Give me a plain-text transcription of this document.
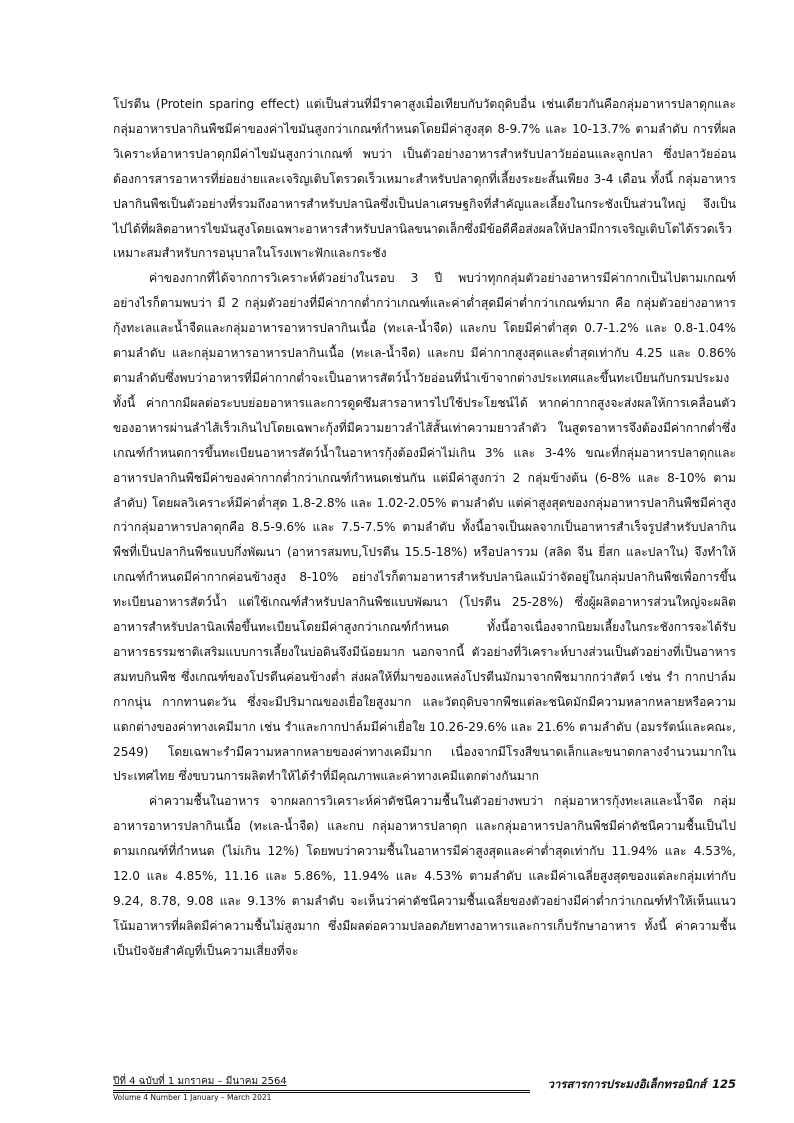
โปรตีน (Protein sparing effect) แต่เป็นส่วนที่มีราคาสูงเมื่อเทียบกับวัตถุดิบอื่น เช่นเดียวกันคือกลุ่มอาหารปลาดุกและกลุ่มอาหารปลากินพืชมีค่าของค่าไขมันสูงกว่าเกณฑ์กำหนดโดยมีค่าสูงสุด 8-9.7% และ 10-13.7% ตามลำดับ การที่ผลวิเคราะห์อาหารปลาดุกมีค่าไขมันสูงกว่าเกณฑ์ พบว่า เป็นตัวอย่างอาหารสำหรับปลาวัยอ่อนและลูกปลา ซึ่งปลาวัยอ่อนต้องการสารอาหารที่ย่อยง่ายและเจริญเติบโตรวดเร็วเหมาะสำหรับปลาดุกที่เลี้ยงระยะสั้นเพียง 3-4 เดือน ทั้งนี้ กลุ่มอาหารปลากินพืชเป็นตัวอย่างที่รวมถึงอาหารสำหรับปลานิลซึ่งเป็นปลาเศรษฐกิจที่สำคัญและเลี้ยงในกระชังเป็นส่วนใหญ่ จึงเป็นไปได้ที่ผลิตอาหารไขมันสูงโดยเฉพาะอาหารสำหรับปลานิลขนาดเล็กซึ่งมีข้อดีคือส่งผลให้ปลามีการเจริญเติบโตได้รวดเร็ว เหมาะสมสำหรับการอนุบาลในโรงเพาะฟักและกระชัง

ค่าของกากที่ได้จากการวิเคราะห์ตัวอย่างในรอบ 3 ปี พบว่าทุกกลุ่มตัวอย่างอาหารมีค่ากากเป็นไปตามเกณฑ์ อย่างไรก็ตามพบว่า มี 2 กลุ่มตัวอย่างที่มีค่ากากต่ำกว่าเกณฑ์และค่าต่ำสุดมีค่าต่ำกว่าเกณฑ์มาก คือ กลุ่มตัวอย่างอาหารกุ้งทะเลและน้ำจืดและกลุ่มอาหารอาหารปลากินเนื้อ (ทะเล-น้ำจืด) และกบ โดยมีค่าต่ำสุด 0.7-1.2% และ 0.8-1.04% ตามลำดับ และกลุ่มอาหารอาหารปลากินเนื้อ (ทะเล-น้ำจืด) และกบ มีค่ากากสูงสุดและต่ำสุดเท่ากับ 4.25 และ 0.86% ตามลำดับซึ่งพบว่าอาหารที่มีค่ากากต่ำจะเป็นอาหารสัตว์น้ำวัยอ่อนที่นำเข้าจากต่างประเทศและขึ้นทะเบียนกับกรมประมง ทั้งนี้ ค่ากากมีผลต่อระบบย่อยอาหารและการดูดซึมสารอาหารไปใช้ประโยชน์ได้ หากค่ากากสูงจะส่งผลให้การเคลื่อนตัวของอาหารผ่านลำไส้เร็วเกินไปโดยเฉพาะกุ้งที่มีความยาวลำไส้สั้นเท่าความยาวลำตัว ในสูตรอาหารจึงต้องมีค่ากากต่ำซึ่งเกณฑ์กำหนดการขึ้นทะเบียนอาหารสัตว์น้ำในอาหารกุ้งต้องมีค่าไม่เกิน 3% และ 3-4% ขณะที่กลุ่มอาหารปลาดุกและอาหารปลากินพืชมีค่าของค่ากากต่ำกว่าเกณฑ์กำหนดเช่นกัน แต่มีค่าสูงกว่า 2 กลุ่มข้างต้น (6-8% และ 8-10% ตามลำดับ) โดยผลวิเคราะห์มีค่าต่ำสุด 1.8-2.8% และ 1.02-2.05% ตามลำดับ แต่ค่าสูงสุดของกลุ่มอาหารปลากินพืชมีค่าสูงกว่ากลุ่มอาหารปลาดุกคือ 8.5-9.6% และ 7.5-7.5% ตามลำดับ ทั้งนี้อาจเป็นผลจากเป็นอาหารสำเร็จรูปสำหรับปลากินพืชที่เป็นปลากินพืชแบบกึ่งพัฒนา (อาหารสมทบ,โปรตีน 15.5-18%) หรือปลารวม (สลิด จีน ยี่สก และปลาใน) จึงทำให้เกณฑ์กำหนดมีค่ากากค่อนข้างสูง 8-10% อย่างไรก็ตามอาหารสำหรับปลานิลแม้ว่าจัดอยู่ในกลุ่มปลากินพืชเพื่อการขึ้นทะเบียนอาหารสัตว์น้ำ แต่ใช้เกณฑ์สำหรับปลากินพืชแบบพัฒนา (โปรตีน 25-28%) ซึ่งผู้ผลิตอาหารส่วนใหญ่จะผลิตอาหารสำหรับปลานิลเพื่อขึ้นทะเบียนโดยมีค่าสูงกว่าเกณฑ์กำหนด ทั้งนี้อาจเนื่องจากนิยมเลี้ยงในกระชังการจะได้รับอาหารธรรมชาติเสริมแบบการเลี้ยงในบ่อดินจึงมีน้อยมาก นอกจากนี้ ตัวอย่างที่วิเคราะห์บางส่วนเป็นตัวอย่างที่เป็นอาหารสมทบกินพืช ซึ่งเกณฑ์ของโปรตีนค่อนข้างต่ำ ส่งผลให้ที่มาของแหล่งโปรตีนมักมาจากพืชมากกว่าสัตว์ เช่น รำ กากปาล์ม กากนุ่น กากทานตะวัน ซึ่งจะมีปริมาณของเยื่อใยสูงมาก และวัตถุดิบจากพืชแต่ละชนิดมักมีความหลากหลายหรือความแตกต่างของค่าทางเคมีมาก เช่น รำและกากปาล์มมีค่าเยื่อใย 10.26-29.6% และ 21.6% ตามลำดับ (อมรรัตน์และคณะ, 2549) โดยเฉพาะรำมีความหลากหลายของค่าทางเคมีมาก เนื่องจากมีโรงสีขนาดเล็กและขนาดกลางจำนวนมากในประเทศไทย ซึ่งขบวนการผลิตทำให้ได้รำที่มีคุณภาพและค่าทางเคมีแตกต่างกันมาก

ค่าความชื้นในอาหาร จากผลการวิเคราะห์ค่าดัชนีความชื้นในตัวอย่างพบว่า กลุ่มอาหารกุ้งทะเลและน้ำจืด กลุ่มอาหารอาหารปลากินเนื้อ (ทะเล-น้ำจืด) และกบ กลุ่มอาหารปลาดุก และกลุ่มอาหารปลากินพืชมีค่าดัชนีความชื้นเป็นไปตามเกณฑ์ที่กำหนด (ไม่เกิน 12%) โดยพบว่าความชื้นในอาหารมีค่าสูงสุดและค่าต่ำสุดเท่ากับ 11.94% และ 4.53%, 12.0 และ 4.85%, 11.16 และ 5.86%, 11.94% และ 4.53% ตามลำดับ และมีค่าเฉลี่ยสูงสุดของแต่ละกลุ่มเท่ากับ 9.24, 8.78, 9.08 และ 9.13% ตามลำดับ จะเห็นว่าค่าดัชนีความชื้นเฉลี่ยของตัวอย่างมีค่าต่ำกว่าเกณฑ์ทำให้เห็นแนวโน้มอาหารที่ผลิตมีค่าความชื้นไม่สูงมาก ซึ่งมีผลต่อความปลอดภัยทางอาหารและการเก็บรักษาอาหาร ทั้งนี้ ค่าความชื้นเป็นปัจจัยสำคัญที่เป็นความเสี่ยงที่จะ

ปีที่ 4 ฉบับที่ 1 มกราคม – มีนาคม 2564
Volume 4 Number 1 January – March 2021
วารสารการประมงอิเล็กทรอนิกส์ 125
